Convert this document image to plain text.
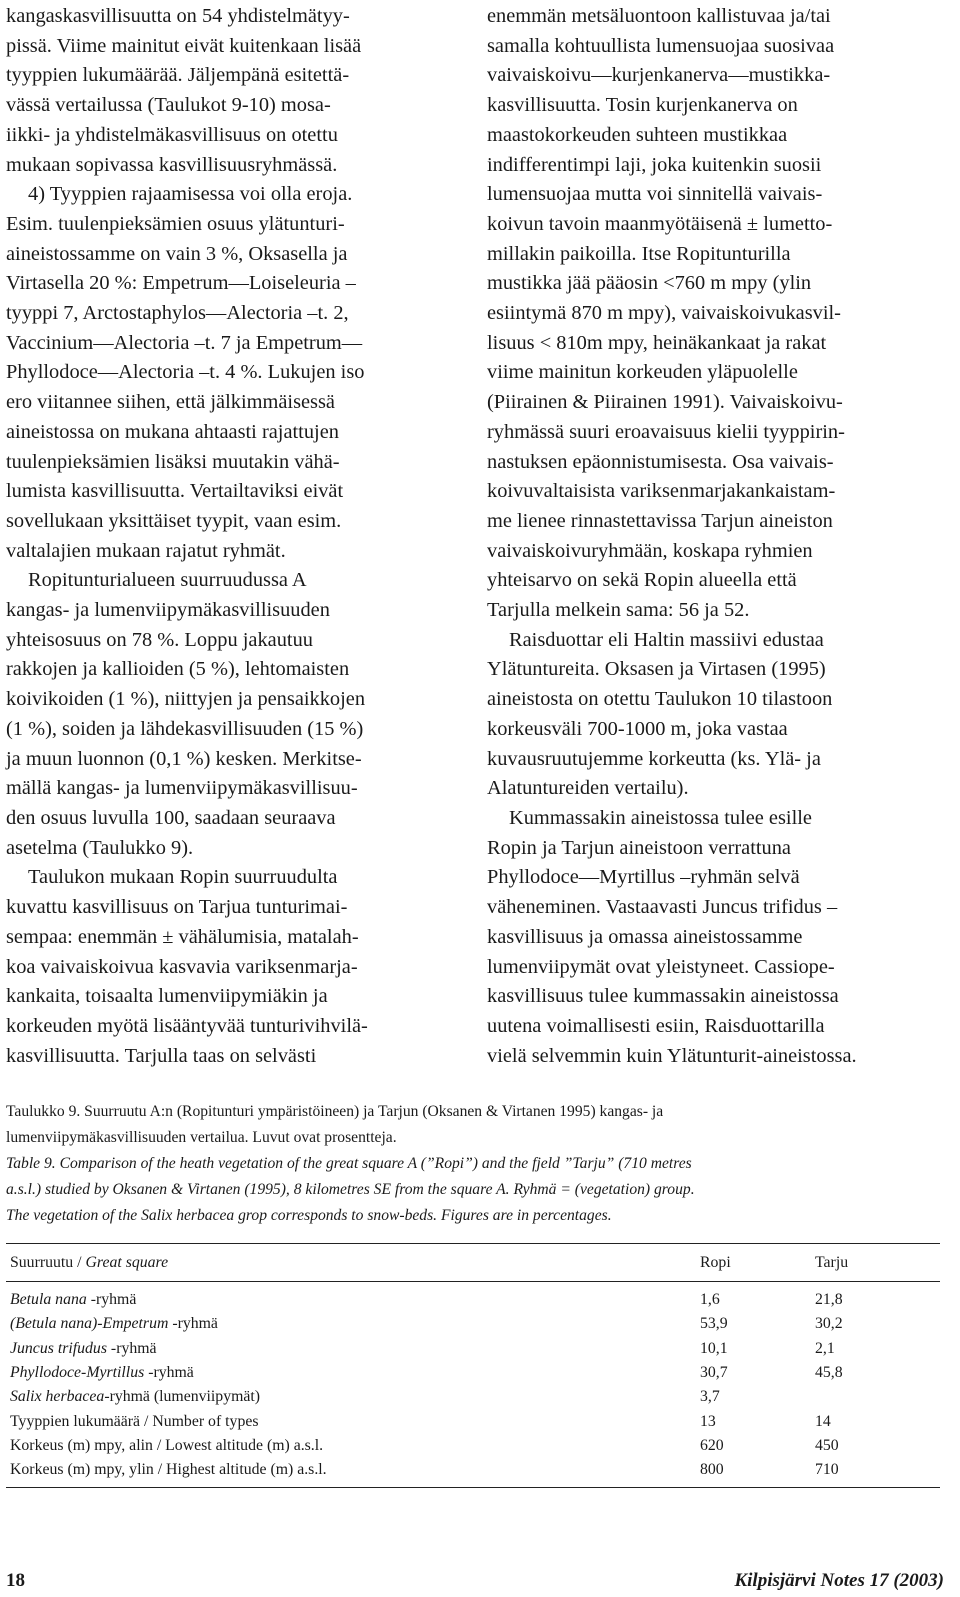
kangaskasvillisuutta on 54 yhdistelmätyy-
pissä. Viime mainitut eivät kuitenkaan lisää
tyyppien lukumäärää. Jäljempänä esitettä-
vässä vertailussa (Taulukot 9-10) mosa-
iikki- ja yhdistelmäkasvillisuus on otettu
mukaan sopivassa kasvillisuusryhmässä.
4) Tyyppien rajaamisessa voi olla eroja.
Esim. tuulenpieksämien osuus ylätunturi-
aineistossamme on vain 3 %, Oksasella ja
Virtasella 20 %: Empetrum—Loiseleuria –
tyyppi 7, Arctostaphylos—Alectoria –t. 2,
Vaccinium—Alectoria –t. 7 ja Empetrum—
Phyllodoce—Alectoria –t. 4 %. Lukujen iso
ero viitannee siihen, että jälkimmäisessä
aineistossa on mukana ahtaasti rajattujen
tuulenpieksämien lisäksi muutakin vähä-
lumista kasvillisuutta. Vertailtaviksi eivät
sovellukaan yksittäiset tyypit, vaan esim.
valtalajien mukaan rajatut ryhmät.
Ropitunturialueen suurruudussa A
kangas- ja lumenviipymäkasvillisuuden
yhteisosuus on 78 %. Loppu jakautuu
rakkojen ja kallioiden (5 %), lehtomaisten
koivikoiden (1 %), niittyjen ja pensaikkojen
(1 %), soiden ja lähdekasvillisuuden (15 %)
ja muun luonnon (0,1 %) kesken. Merkitse-
mällä kangas- ja lumenviipymäkasvillisuu-
den osuus luvulla 100, saadaan seuraava
asetelma (Taulukko 9).
Taulukon mukaan Ropin suurruudulta
kuvattu kasvillisuus on Tarjua tunturimai-
sempaa: enemmän ± vähälumisia, matalah-
koa vaivaiskoivua kasvavia variksenmarja-
kankaita, toisaalta lumenviipymiäkin ja
korkeuden myötä lisääntyvää tunturivihvilä-
kasvillisuutta. Tarjulla taas on selvästi
enemmän metsäluontoon kallistuvaa ja/tai
samalla kohtuullista lumensuojaa suosivaa
vaivaiskoivu—kurjenkanerva—mustikka-
kasvillisuutta. Tosin kurjenkanerva on
maastokorkeuden suhteen mustikkaa
indifferentimpi laji, joka kuitenkin suosii
lumensuojaa mutta voi sinnitellä vaivais-
koivun tavoin maanmyötäisenä ± lumetto-
millakin paikoilla. Itse Ropitunturilla
mustikka jää pääosin <760 m mpy (ylin
esiintymä 870 m mpy), vaivaiskoivukasvil-
lisuus < 810m mpy, heinäkankaat ja rakat
viime mainitun korkeuden yläpuolelle
(Piirainen & Piirainen 1991). Vaivaiskoivu-
ryhmässä suuri eroavaisuus kielii tyyppirin-
nastuksen epäonnistumisesta. Osa vaivais-
koivuvaltaisista variksenmarjakankaistam-
me lienee rinnastettavissa Tarjun aineiston
vaivaiskoivuryhmään, koskapa ryhmien
yhteisarvo on sekä Ropin alueella että
Tarjulla melkein sama: 56 ja 52.
Raisduottar eli Haltin massiivi edustaa
Ylätuntureita. Oksasen ja Virtasen (1995)
aineistosta on otettu Taulukon 10 tilastoon
korkeusväli 700-1000 m, joka vastaa
kuvausruutujemme korkeutta (ks. Ylä- ja
Alatuntureiden vertailu).
Kummassakin aineistossa tulee esille
Ropin ja Tarjun aineistoon verrattuna
Phyllodoce—Myrtillus –ryhmän selvä
väheneminen. Vastaavasti Juncus trifidus –
kasvillisuus ja omassa aineistossamme
lumenviipymät ovat yleistyneet. Cassiope-
kasvillisuus tulee kummassakin aineistossa
uutena voimallisesti esiin, Raisduottarilla
vielä selvemmin kuin Ylätunturit-aineistossa.
Taulukko 9. Suurruutu A:n (Ropitunturi ympäristöineen) ja Tarjun (Oksanen & Virtanen 1995) kangas- ja
lumenviipymäkasvillisuuden vertailua. Luvut ovat prosentteja.
Table 9. Comparison of the heath vegetation of the great square A (”Ropi”) and the fjeld ”Tarju” (710 metres
a.s.l.) studied by Oksanen & Virtanen (1995), 8 kilometres SE from the square A. Ryhmä = (vegetation) group.
The vegetation of the Salix herbacea grop corresponds to snow-beds. Figures are in percentages.
Suurruutu / Great square	Ropi	Tarju
Betula nana -ryhmä	1,6	21,8
(Betula nana)-Empetrum -ryhmä	53,9	30,2
Juncus trifudus -ryhmä	10,1	2,1
Phyllodoce-Myrtillus -ryhmä	30,7	45,8
Salix herbacea-ryhmä (lumenviipymät)	3,7	
Tyyppien lukumäärä / Number of types	13	14
Korkeus (m) mpy, alin / Lowest altitude (m) a.s.l.	620	450
Korkeus (m) mpy, ylin / Highest altitude (m) a.s.l.	800	710
18	Kilpisjärvi Notes 17 (2003)
